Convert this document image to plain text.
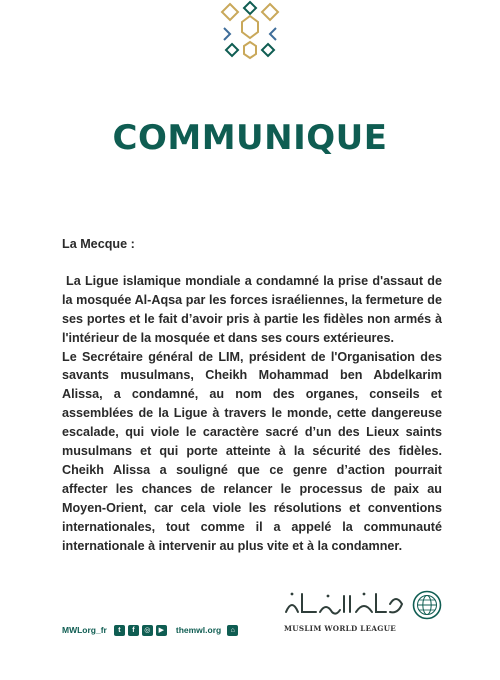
COMMUNIQUE

La Mecque :

La Ligue islamique mondiale a condamné la prise d'assaut de la mosquée Al-Aqsa par les forces israéliennes, la fermeture de ses portes et le fait d’avoir pris à partie les fidèles non armés à l'intérieur de la mosquée et dans ses cours extérieures.

Le Secrétaire général de LIM, président de l'Organisation des savants musulmans, Cheikh Mohammad ben Abdelkarim Alissa, a condamné, au nom des organes, conseils et assemblées de la Ligue à travers le monde, cette dangereuse escalade, qui viole le caractère sacré d’un des Lieux saints musulmans et qui porte atteinte à la sécurité des fidèles. Cheikh Alissa a souligné que ce genre d’action pourrait affecter les chances de relancer le processus de paix au Moyen-Orient, car cela viole les résolutions et conventions internationales, tout comme il a appelé la communauté internationale à intervenir au plus vite et à la condamner.

MWLorg_fr	t	f	◎	▶	themwl.org	⌂	MUSLIM WORLD LEAGUE
